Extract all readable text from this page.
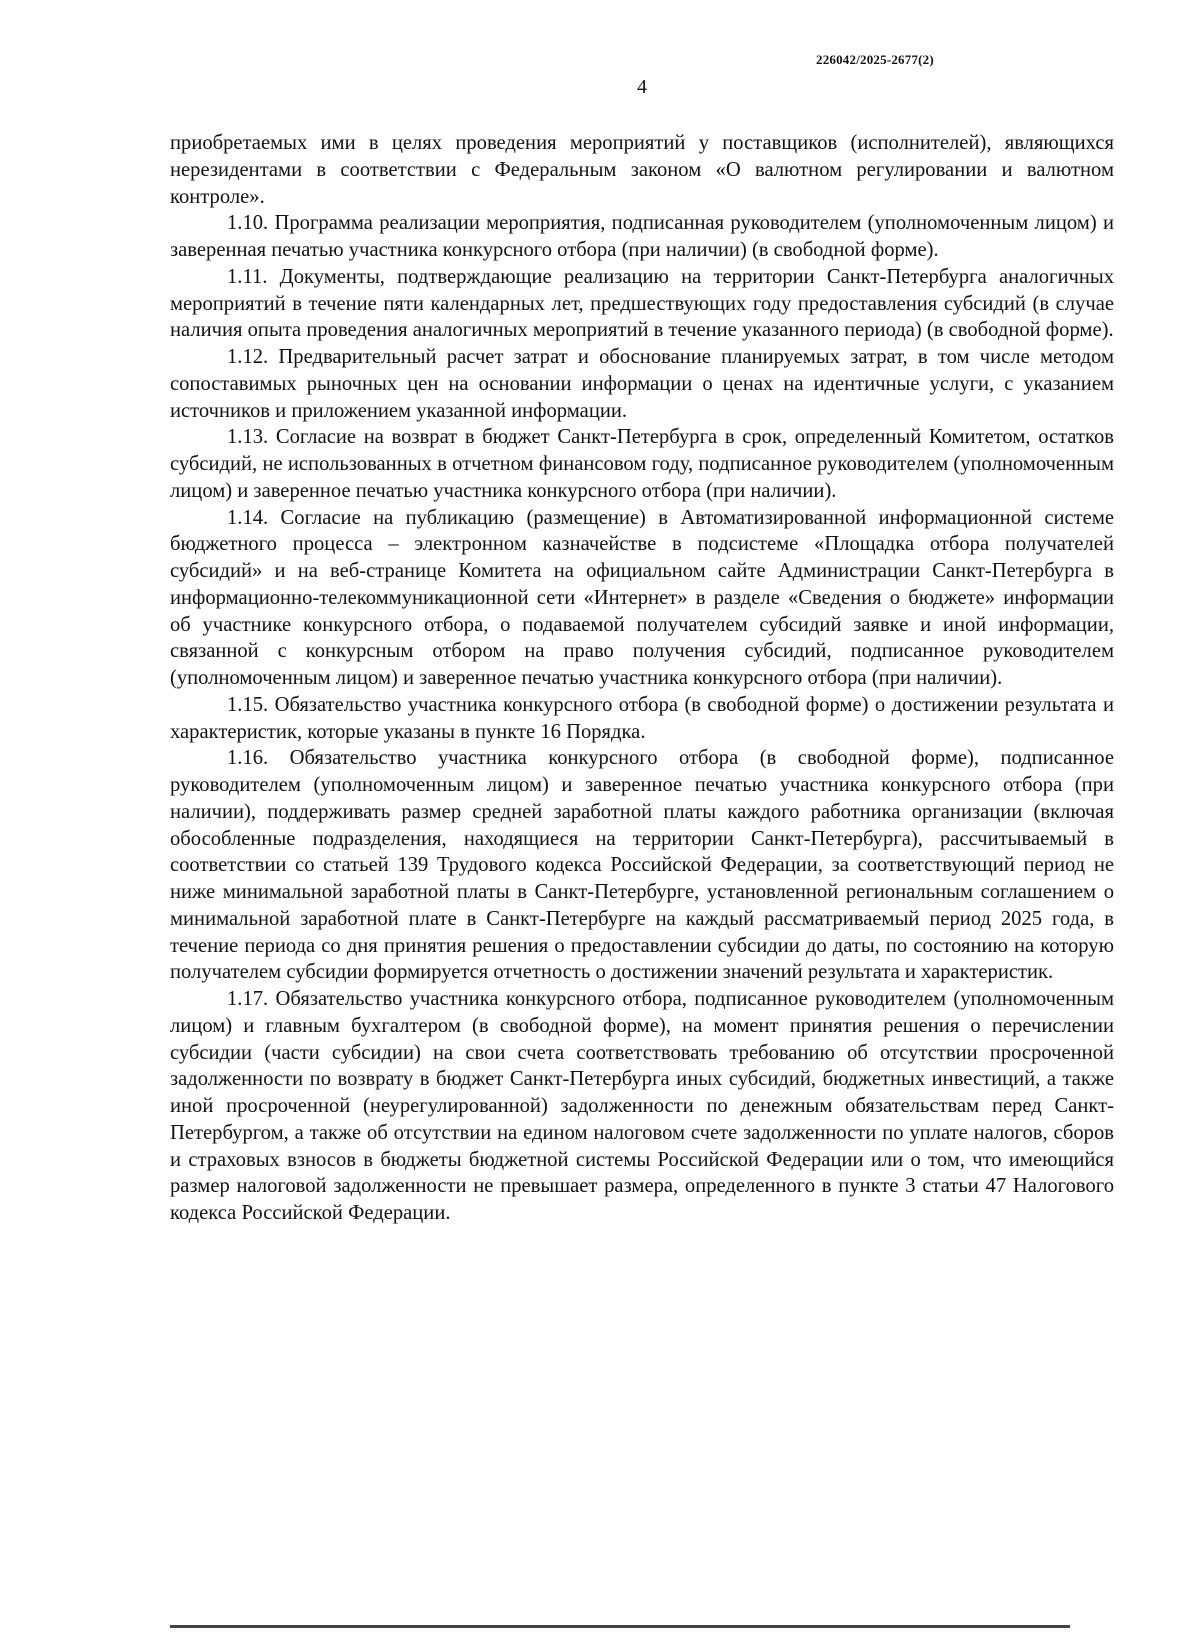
226042/2025-2677(2)
4

приобретаемых ими в целях проведения мероприятий у поставщиков (исполнителей), являющихся нерезидентами в соответствии с Федеральным законом «О валютном регулировании и валютном контроле».

1.10. Программа реализации мероприятия, подписанная руководителем (уполномоченным лицом) и заверенная печатью участника конкурсного отбора (при наличии) (в свободной форме).

1.11. Документы, подтверждающие реализацию на территории Санкт-Петербурга аналогичных мероприятий в течение пяти календарных лет, предшествующих году предоставления субсидий (в случае наличия опыта проведения аналогичных мероприятий в течение указанного периода) (в свободной форме).

1.12. Предварительный расчет затрат и обоснование планируемых затрат, в том числе методом сопоставимых рыночных цен на основании информации о ценах на идентичные услуги, с указанием источников и приложением указанной информации.

1.13. Согласие на возврат в бюджет Санкт-Петербурга в срок, определенный Комитетом, остатков субсидий, не использованных в отчетном финансовом году, подписанное руководителем (уполномоченным лицом) и заверенное печатью участника конкурсного отбора (при наличии).

1.14. Согласие на публикацию (размещение) в Автоматизированной информационной системе бюджетного процесса – электронном казначействе в подсистеме «Площадка отбора получателей субсидий» и на веб-странице Комитета на официальном сайте Администрации Санкт-Петербурга в информационно-телекоммуникационной сети «Интернет» в разделе «Сведения о бюджете» информации об участнике конкурсного отбора, о подаваемой получателем субсидий заявке и иной информации, связанной с конкурсным отбором на право получения субсидий, подписанное руководителем (уполномоченным лицом) и заверенное печатью участника конкурсного отбора (при наличии).

1.15. Обязательство участника конкурсного отбора (в свободной форме) о достижении результата и характеристик, которые указаны в пункте 16 Порядка.

1.16. Обязательство участника конкурсного отбора (в свободной форме), подписанное руководителем (уполномоченным лицом) и заверенное печатью участника конкурсного отбора (при наличии), поддерживать размер средней заработной платы каждого работника организации (включая обособленные подразделения, находящиеся на территории Санкт-Петербурга), рассчитываемый в соответствии со статьей 139 Трудового кодекса Российской Федерации, за соответствующий период не ниже минимальной заработной платы в Санкт-Петербурге, установленной региональным соглашением о минимальной заработной плате в Санкт-Петербурге на каждый рассматриваемый период 2025 года, в течение периода со дня принятия решения о предоставлении субсидии до даты, по состоянию на которую получателем субсидии формируется отчетность о достижении значений результата и характеристик.

1.17. Обязательство участника конкурсного отбора, подписанное руководителем (уполномоченным лицом) и главным бухгалтером (в свободной форме), на момент принятия решения о перечислении субсидии (части субсидии) на свои счета соответствовать требованию об отсутствии просроченной задолженности по возврату в бюджет Санкт-Петербурга иных субсидий, бюджетных инвестиций, а также иной просроченной (неурегулированной) задолженности по денежным обязательствам перед Санкт-Петербургом, а также об отсутствии на едином налоговом счете задолженности по уплате налогов, сборов и страховых взносов в бюджеты бюджетной системы Российской Федерации или о том, что имеющийся размер налоговой задолженности не превышает размера, определенного в пункте 3 статьи 47 Налогового кодекса Российской Федерации.
